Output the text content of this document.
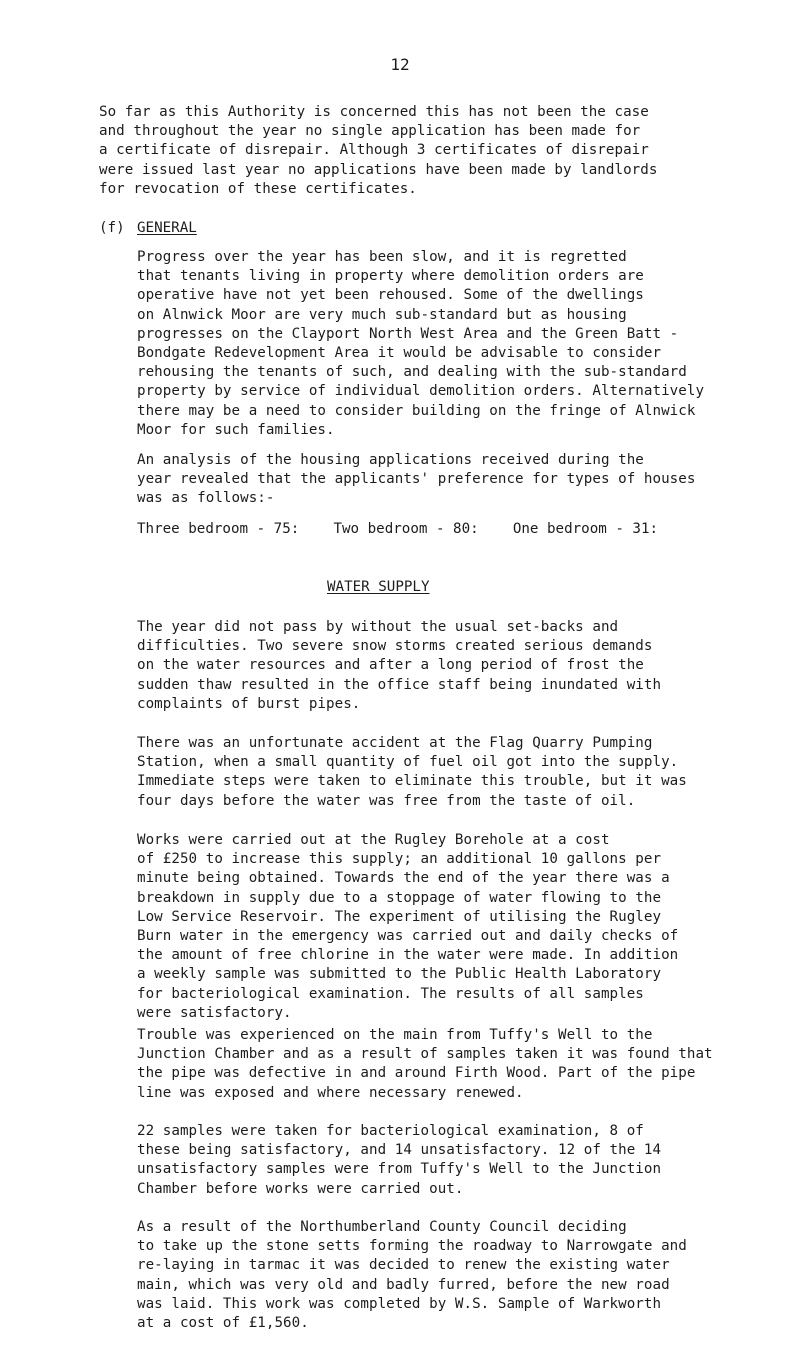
12

So far as this Authority is concerned this has not been the case
and throughout the year no single application has been made for
a certificate of disrepair. Although 3 certificates of disrepair
were issued last year no applications have been made by landlords
for revocation of these certificates.

(f) GENERAL

Progress over the year has been slow, and it is regretted
that tenants living in property where demolition orders are
operative have not yet been rehoused. Some of the dwellings
on Alnwick Moor are very much sub-standard but as housing
progresses on the Clayport North West Area and the Green Batt -
Bondgate Redevelopment Area it would be advisable to consider
rehousing the tenants of such, and dealing with the sub-standard
property by service of individual demolition orders. Alternatively
there may be a need to consider building on the fringe of Alnwick
Moor for such families.

An analysis of the housing applications received during the
year revealed that the applicants' preference for types of houses
was as follows:-

Three bedroom - 75:    Two bedroom - 80:    One bedroom - 31:

WATER SUPPLY

The year did not pass by without the usual set-backs and
difficulties. Two severe snow storms created serious demands
on the water resources and after a long period of frost the
sudden thaw resulted in the office staff being inundated with
complaints of burst pipes.

There was an unfortunate accident at the Flag Quarry Pumping
Station, when a small quantity of fuel oil got into the supply.
Immediate steps were taken to eliminate this trouble, but it was
four days before the water was free from the taste of oil.

Works were carried out at the Rugley Borehole at a cost
of £250 to increase this supply; an additional 10 gallons per
minute being obtained. Towards the end of the year there was a
breakdown in supply due to a stoppage of water flowing to the
Low Service Reservoir. The experiment of utilising the Rugley
Burn water in the emergency was carried out and daily checks of
the amount of free chlorine in the water were made. In addition
a weekly sample was submitted to the Public Health Laboratory
for bacteriological examination. The results of all samples
were satisfactory.

Trouble was experienced on the main from Tuffy's Well to the
Junction Chamber and as a result of samples taken it was found that
the pipe was defective in and around Firth Wood. Part of the pipe
line was exposed and where necessary renewed.

22 samples were taken for bacteriological examination, 8 of
these being satisfactory, and 14 unsatisfactory. 12 of the 14
unsatisfactory samples were from Tuffy's Well to the Junction
Chamber before works were carried out.

As a result of the Northumberland County Council deciding
to take up the stone setts forming the roadway to Narrowgate and
re-laying in tarmac it was decided to renew the existing water
main, which was very old and badly furred, before the new road
was laid. This work was completed by W.S. Sample of Warkworth
at a cost of £1,560.
